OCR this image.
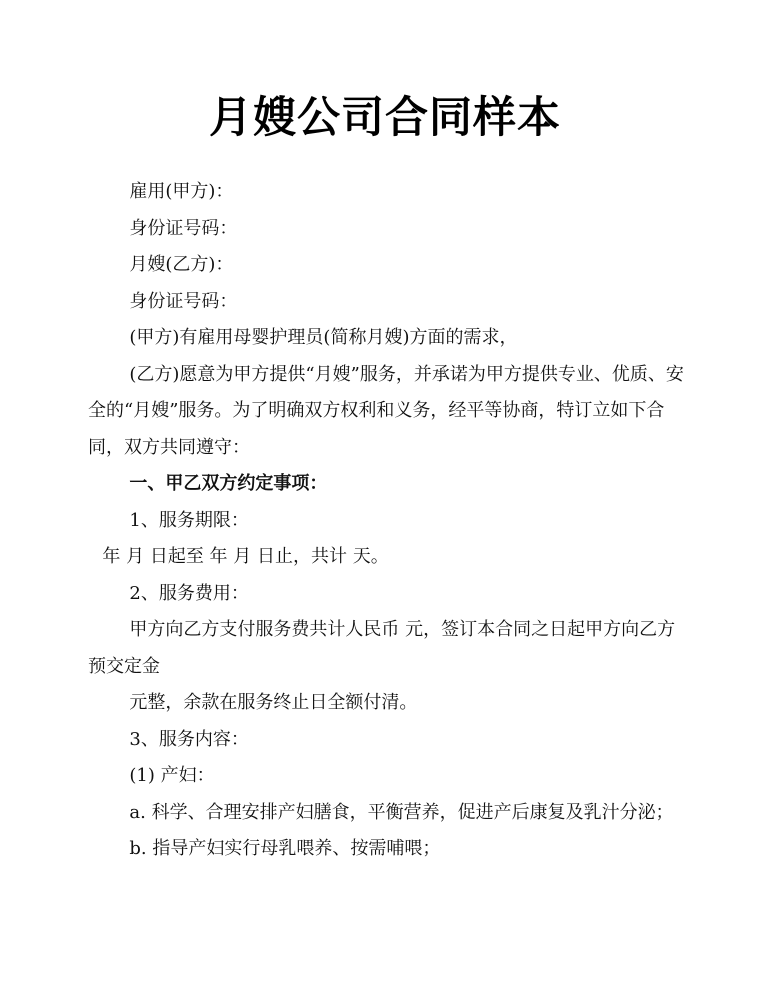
月嫂公司合同样本

雇用(甲方)：

身份证号码：

月嫂(乙方)：

身份证号码：

(甲方)有雇用母婴护理员(简称月嫂)方面的需求，

(乙方)愿意为甲方提供“月嫂”服务，并承诺为甲方提供专业、优质、安全的“月嫂”服务。为了明确双方权利和义务，经平等协商，特订立如下合同，双方共同遵守：

一、甲乙双方约定事项：

1、服务期限：

年 月 日起至 年 月 日止，共计 天。

2、服务费用：

甲方向乙方支付服务费共计人民币 元，签订本合同之日起甲方向乙方预交定金

元整，余款在服务终止日全额付清。

3、服务内容：

(1) 产妇：

a. 科学、合理安排产妇膳食，平衡营养，促进产后康复及乳汁分泌；

b. 指导产妇实行母乳喂养、按需哺喂；
